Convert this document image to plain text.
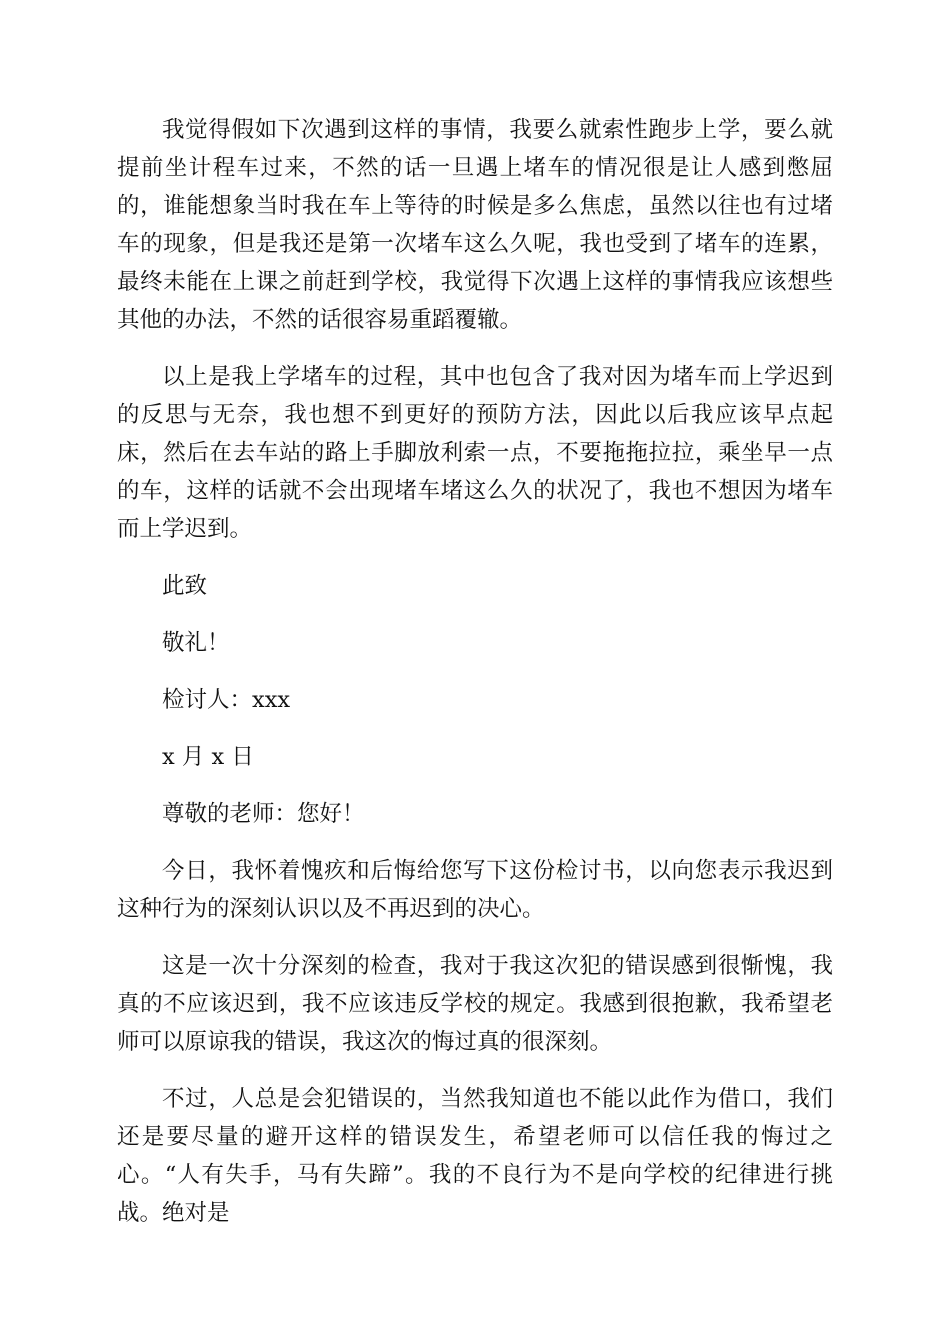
我觉得假如下次遇到这样的事情，我要么就索性跑步上学，要么就提前坐计程车过来，不然的话一旦遇上堵车的情况很是让人感到憋屈的，谁能想象当时我在车上等待的时候是多么焦虑，虽然以往也有过堵车的现象，但是我还是第一次堵车这么久呢，我也受到了堵车的连累，最终未能在上课之前赶到学校，我觉得下次遇上这样的事情我应该想些其他的办法，不然的话很容易重蹈覆辙。

以上是我上学堵车的过程，其中也包含了我对因为堵车而上学迟到的反思与无奈，我也想不到更好的预防方法，因此以后我应该早点起床，然后在去车站的路上手脚放利索一点，不要拖拖拉拉，乘坐早一点的车，这样的话就不会出现堵车堵这么久的状况了，我也不想因为堵车而上学迟到。

此致

敬礼！

检讨人：xxx

x 月 x 日

尊敬的老师：您好！

今日，我怀着愧疚和后悔给您写下这份检讨书，以向您表示我迟到这种行为的深刻认识以及不再迟到的决心。

这是一次十分深刻的检查，我对于我这次犯的错误感到很惭愧，我真的不应该迟到，我不应该违反学校的规定。我感到很抱歉，我希望老师可以原谅我的错误，我这次的悔过真的很深刻。

不过，人总是会犯错误的，当然我知道也不能以此作为借口，我们还是要尽量的避开这样的错误发生，希望老师可以信任我的悔过之心。“人有失手，马有失蹄”。我的不良行为不是向学校的纪律进行挑战。绝对是
